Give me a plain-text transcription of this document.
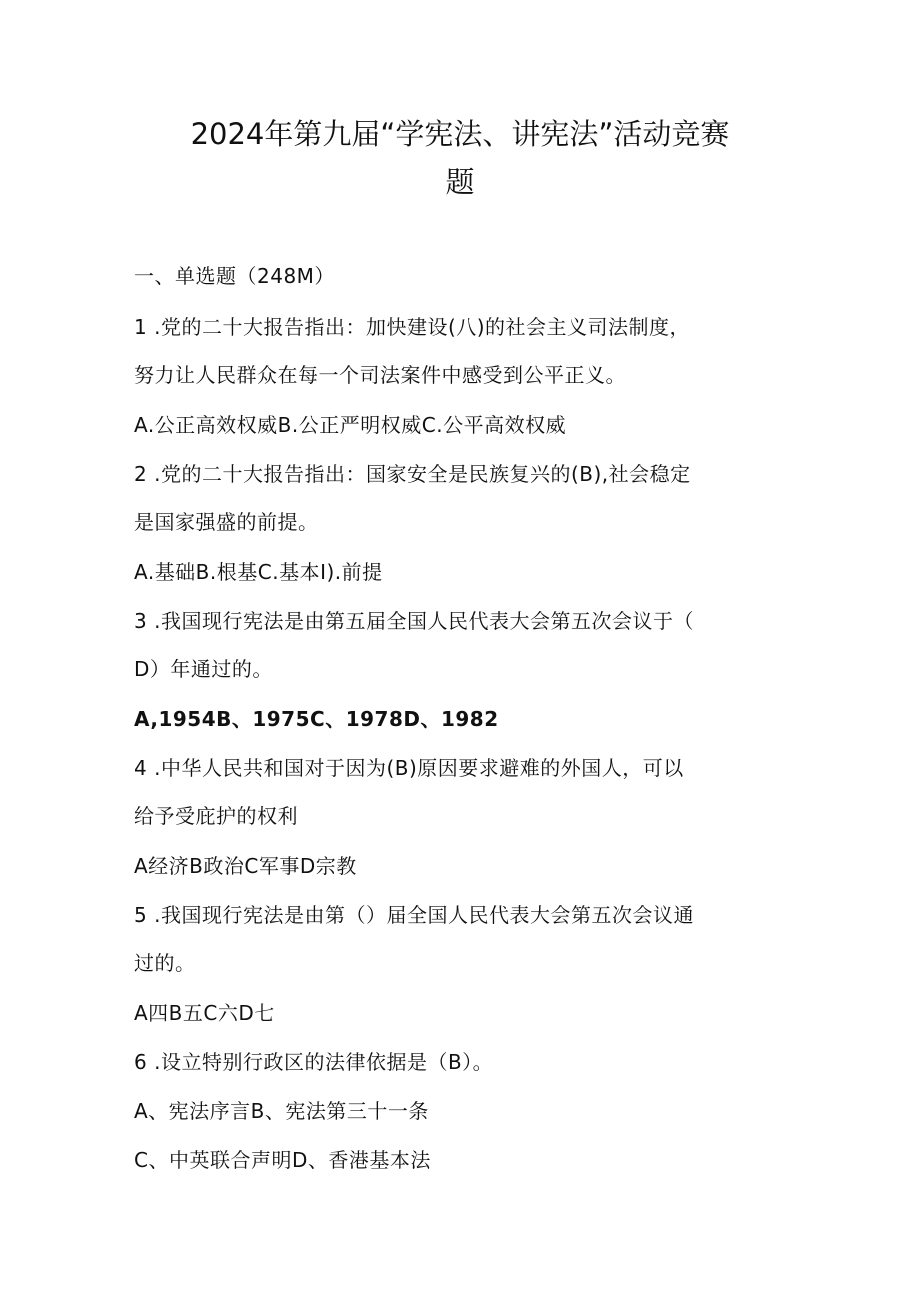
2024年第九届“学宪法、讲宪法”活动竞赛
题
一、单选题（248M）
1 .党的二十大报告指出：加快建设(八)的社会主义司法制度，
努力让人民群众在每一个司法案件中感受到公平正义。
A.公正高效权威B.公正严明权威C.公平高效权威
2 .党的二十大报告指出：国家安全是民族复兴的(B),社会稳定
是国家强盛的前提。
A.基础B.根基C.基本I).前提
3 .我国现行宪法是由第五届全国人民代表大会第五次会议于（
D）年通过的。
A,1954B、1975C、1978D、1982
4 .中华人民共和国对于因为(B)原因要求避难的外国人，可以
给予受庇护的权利
A经济B政治C军事D宗教
5 .我国现行宪法是由第（）届全国人民代表大会第五次会议通
过的。
A四B五C六D七
6 .设立特别行政区的法律依据是（B）。
A、宪法序言B、宪法第三十一条
C、中英联合声明D、香港基本法
